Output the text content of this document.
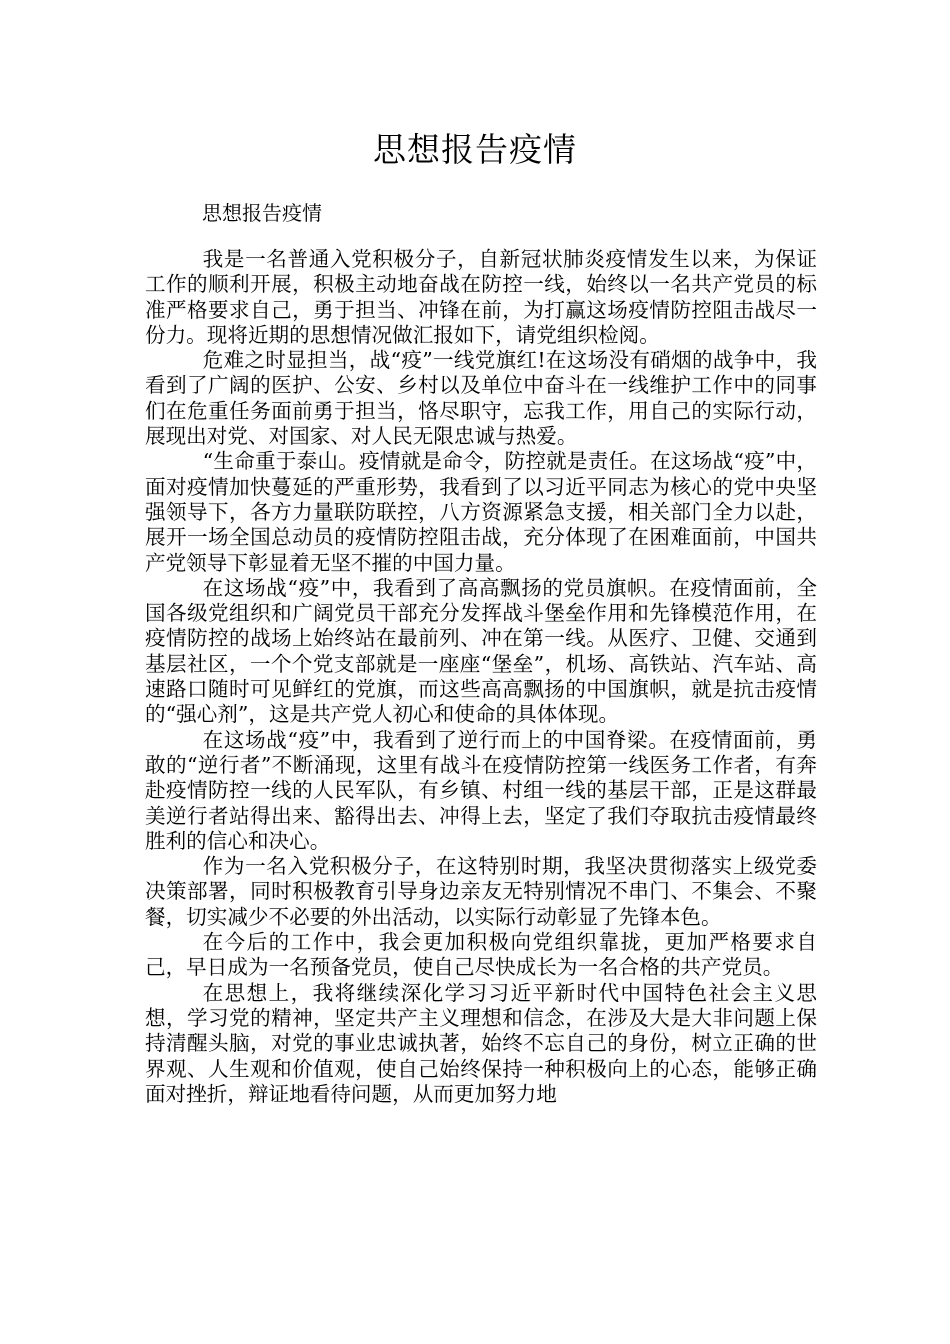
思想报告疫情
思想报告疫情

我是一名普通入党积极分子，自新冠状肺炎疫情发生以来，为保证工作的顺利开展，积极主动地奋战在防控一线，始终以一名共产党员的标准严格要求自己，勇于担当、冲锋在前，为打赢这场疫情防控阻击战尽一份力。现将近期的思想情况做汇报如下，请党组织检阅。

危难之时显担当，战“疫”一线党旗红!在这场没有硝烟的战争中，我看到了广阔的医护、公安、乡村以及单位中奋斗在一线维护工作中的同事们在危重任务面前勇于担当，恪尽职守，忘我工作，用自己的实际行动，展现出对党、对国家、对人民无限忠诚与热爱。

“生命重于泰山。疫情就是命令，防控就是责任。在这场战“疫”中，面对疫情加快蔓延的严重形势，我看到了以习近平同志为核心的党中央坚强领导下，各方力量联防联控，八方资源紧急支援，相关部门全力以赴，展开一场全国总动员的疫情防控阻击战，充分体现了在困难面前，中国共产党领导下彰显着无坚不摧的中国力量。

在这场战“疫”中，我看到了高高飘扬的党员旗帜。在疫情面前，全国各级党组织和广阔党员干部充分发挥战斗堡垒作用和先锋模范作用，在疫情防控的战场上始终站在最前列、冲在第一线。从医疗、卫健、交通到基层社区，一个个党支部就是一座座“堡垒”，机场、高铁站、汽车站、高速路口随时可见鲜红的党旗，而这些高高飘扬的中国旗帜，就是抗击疫情的“强心剂”，这是共产党人初心和使命的具体体现。

在这场战“疫”中，我看到了逆行而上的中国脊梁。在疫情面前，勇敢的“逆行者”不断涌现，这里有战斗在疫情防控第一线医务工作者，有奔赴疫情防控一线的人民军队，有乡镇、村组一线的基层干部，正是这群最美逆行者站得出来、豁得出去、冲得上去，坚定了我们夺取抗击疫情最终胜利的信心和决心。

作为一名入党积极分子，在这特别时期，我坚决贯彻落实上级党委决策部署，同时积极教育引导身边亲友无特别情况不串门、不集会、不聚餐，切实减少不必要的外出活动，以实际行动彰显了先锋本色。

在今后的工作中，我会更加积极向党组织靠拢，更加严格要求自己，早日成为一名预备党员，使自己尽快成长为一名合格的共产党员。

在思想上，我将继续深化学习习近平新时代中国特色社会主义思想，学习党的精神，坚定共产主义理想和信念，在涉及大是大非问题上保持清醒头脑，对党的事业忠诚执著，始终不忘自己的身份，树立正确的世界观、人生观和价值观，使自己始终保持一种积极向上的心态，能够正确面对挫折，辩证地看待问题，从而更加努力地
